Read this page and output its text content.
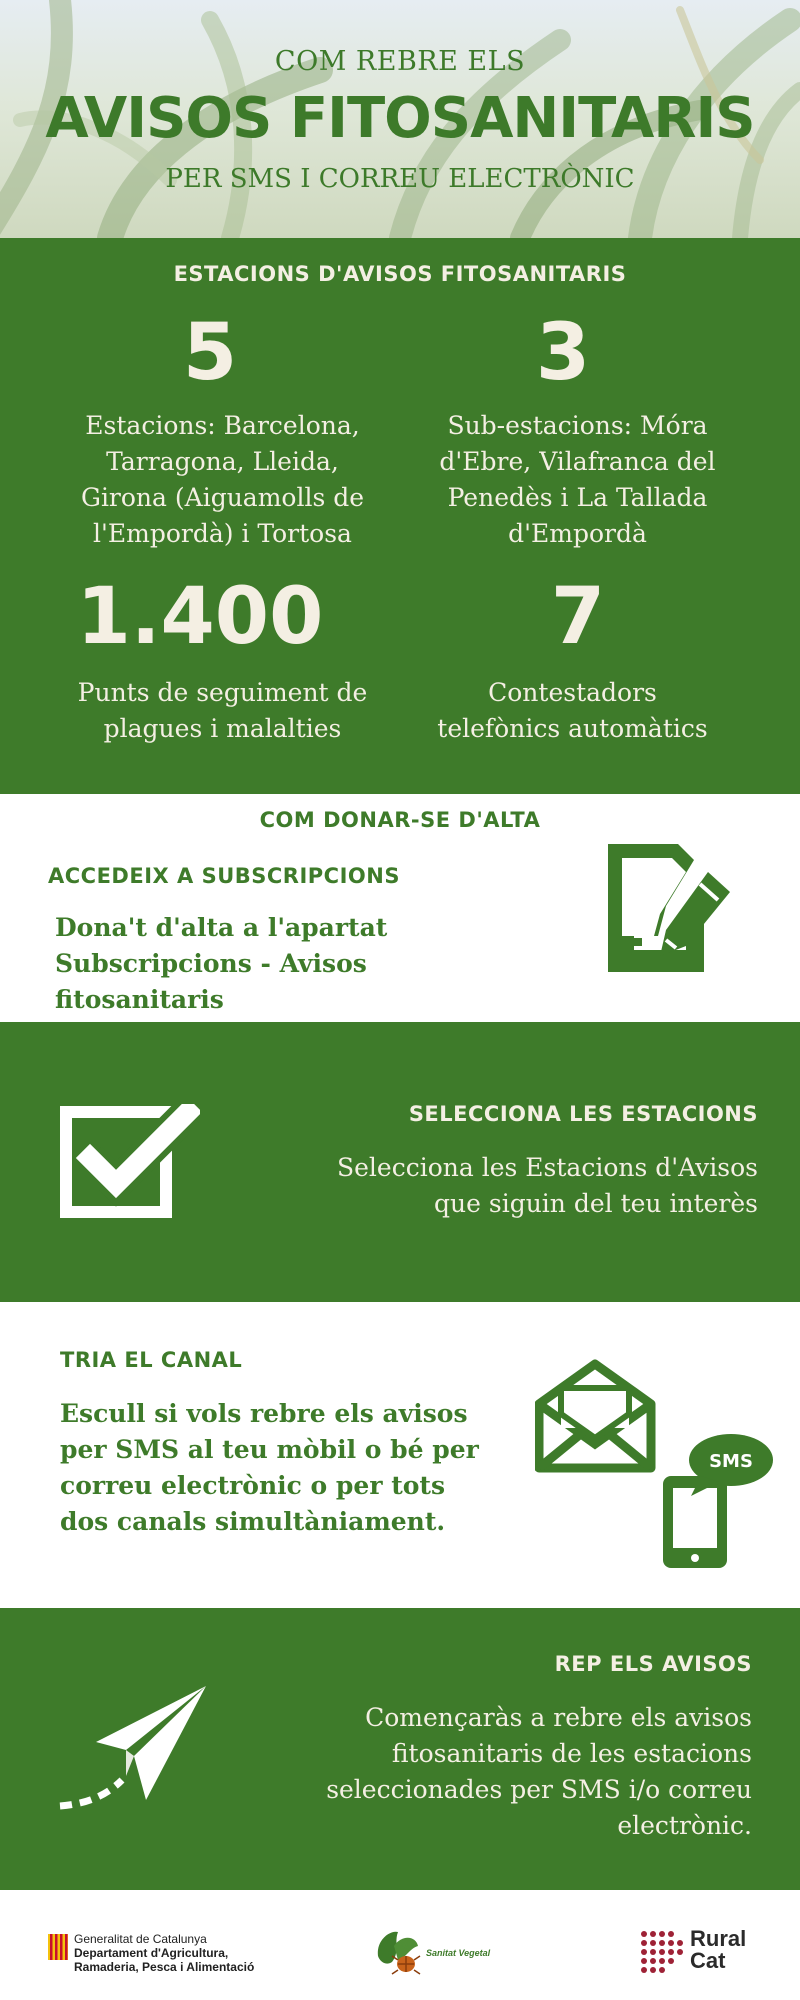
COM REBRE ELS
AVISOS FITOSANITARIS
PER SMS I CORREU ELECTRÒNIC
ESTACIONS D'AVISOS FITOSANITARIS
5
Estacions: Barcelona, Tarragona, Lleida, Girona (Aiguamolls de l'Empordà) i Tortosa
3
Sub-estacions: Móra d'Ebre, Vilafranca del Penedès i La Tallada d'Empordà
1.400
Punts de seguiment de plagues i malalties
7
Contestadors telefònics automàtics
COM DONAR-SE D'ALTA
ACCEDEIX A SUBSCRIPCIONS
Dona't d'alta a l'apartat Subscripcions - Avisos fitosanitaris
SELECCIONA LES ESTACIONS
Selecciona les Estacions d'Avisos que siguin del teu interès
TRIA EL CANAL
Escull si vols rebre els avisos per SMS al teu mòbil o bé per correu electrònic o per tots dos canals simultàniament.
SMS
REP ELS AVISOS
Començaràs a rebre els avisos fitosanitaris de les estacions seleccionades per SMS i/o correu electrònic.
Generalitat de Catalunya
Departament d'Agricultura,
Ramaderia, Pesca i Alimentació
Sanitat Vegetal
Rural
Cat
